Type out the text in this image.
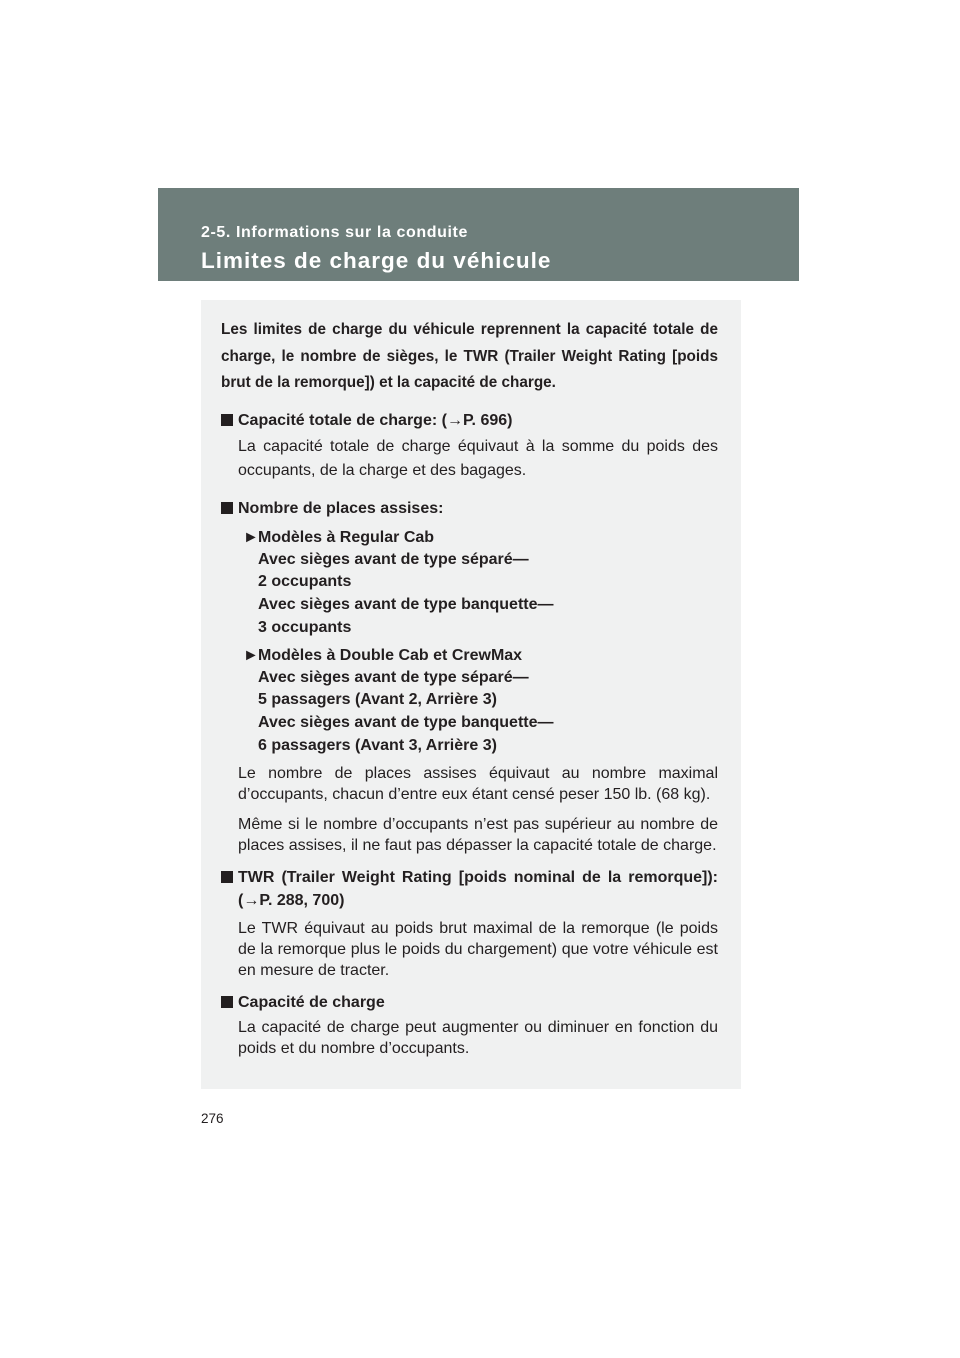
2-5. Informations sur la conduite
Limites de charge du véhicule

Les limites de charge du véhicule reprennent la capacité totale de charge, le nombre de sièges, le TWR (Trailer Weight Rating [poids brut de la remorque]) et la capacité de charge.

Capacité totale de charge: (→P. 696)
La capacité totale de charge équivaut à la somme du poids des occupants, de la charge et des bagages.
Nombre de places assises:
►Modèles à Regular Cab
Avec sièges avant de type séparé—
2 occupants
Avec sièges avant de type banquette—
3 occupants
►Modèles à Double Cab et CrewMax
Avec sièges avant de type séparé—
5 passagers (Avant 2, Arrière 3)
Avec sièges avant de type banquette—
6 passagers (Avant 3, Arrière 3)
Le nombre de places assises équivaut au nombre maximal d’occupants, chacun d’entre eux étant censé peser 150 lb. (68 kg).
Même si le nombre d’occupants n’est pas supérieur au nombre de places assises, il ne faut pas dépasser la capacité totale de charge.
TWR (Trailer Weight Rating [poids nominal de la remorque]): (→P. 288, 700)
Le TWR équivaut au poids brut maximal de la remorque (le poids de la remorque plus le poids du chargement) que votre véhicule est en mesure de tracter.
Capacité de charge
La capacité de charge peut augmenter ou diminuer en fonction du poids et du nombre d’occupants.
276
